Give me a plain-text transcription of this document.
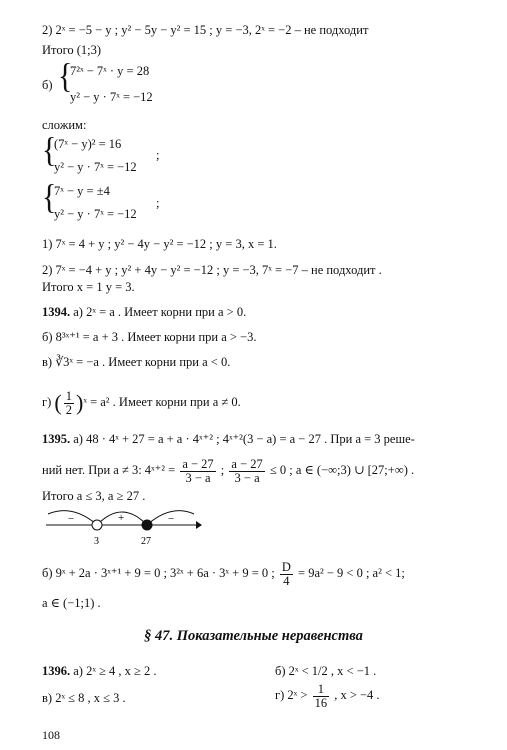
2) 2ˣ = −5 − y ; y² − 5y − y² = 15 ; y = −3, 2ˣ = −2 – не подходит
Итого (1;3)
б) {
7²ˣ − 7ˣ · y = 28
y² − y · 7ˣ = −12
сложим:
{
(7ˣ − y)² = 16
y² − y · 7ˣ = −12
;
{
7ˣ − y = ±4
y² − y · 7ˣ = −12
;
1) 7ˣ = 4 + y ; y² − 4y − y² = −12 ; y = 3, x = 1.
2) 7ˣ = −4 + y ; y² + 4y − y² = −12 ; y = −3, 7ˣ = −7 – не подходит .
Итого x = 1 y = 3.
1394. а) 2ˣ = a . Имеет корни при a > 0.
б) 8³ˣ⁺¹ = a + 3 . Имеет корни при a > −3.
в) ∛3ˣ = −a . Имеет корни при a < 0.
г) ( $\frac{1}{2}$ )ˣ = a² . Имеет корни при a ≠ 0.
1395. а) 48 · 4ˣ + 27 = a + a · 4ˣ⁺² ; 4ˣ⁺²(3 − a) = a − 27 . При a = 3 реше-
ний нет. При a ≠ 3: 4ˣ⁺² = $\frac{a - 27}{3 - a}$ ; $\frac{a - 27}{3 - a} \le 0$ ; a ∈ (−∞;3) ∪ [27;+∞) .
Итого a ≤ 3, a ≥ 27 .
−	+	−
3	27
б) 9ˣ + 2a · 3ˣ⁺¹ + 9 = 0 ; 3²ˣ + 6a · 3ˣ + 9 = 0 ; $\frac{D}{4} = 9a^2 - 9 < 0$ ; a² < 1;
a ∈ (−1;1) .
§ 47. Показательные неравенства
1396. а) 2ˣ ≥ 4 , x ≥ 2 .	б) 2ˣ < 1/2 , x < −1 .
в) 2ˣ ≤ 8 , x ≤ 3 .	г) 2ˣ > $\frac{1}{16}$ , x > −4 .
108
